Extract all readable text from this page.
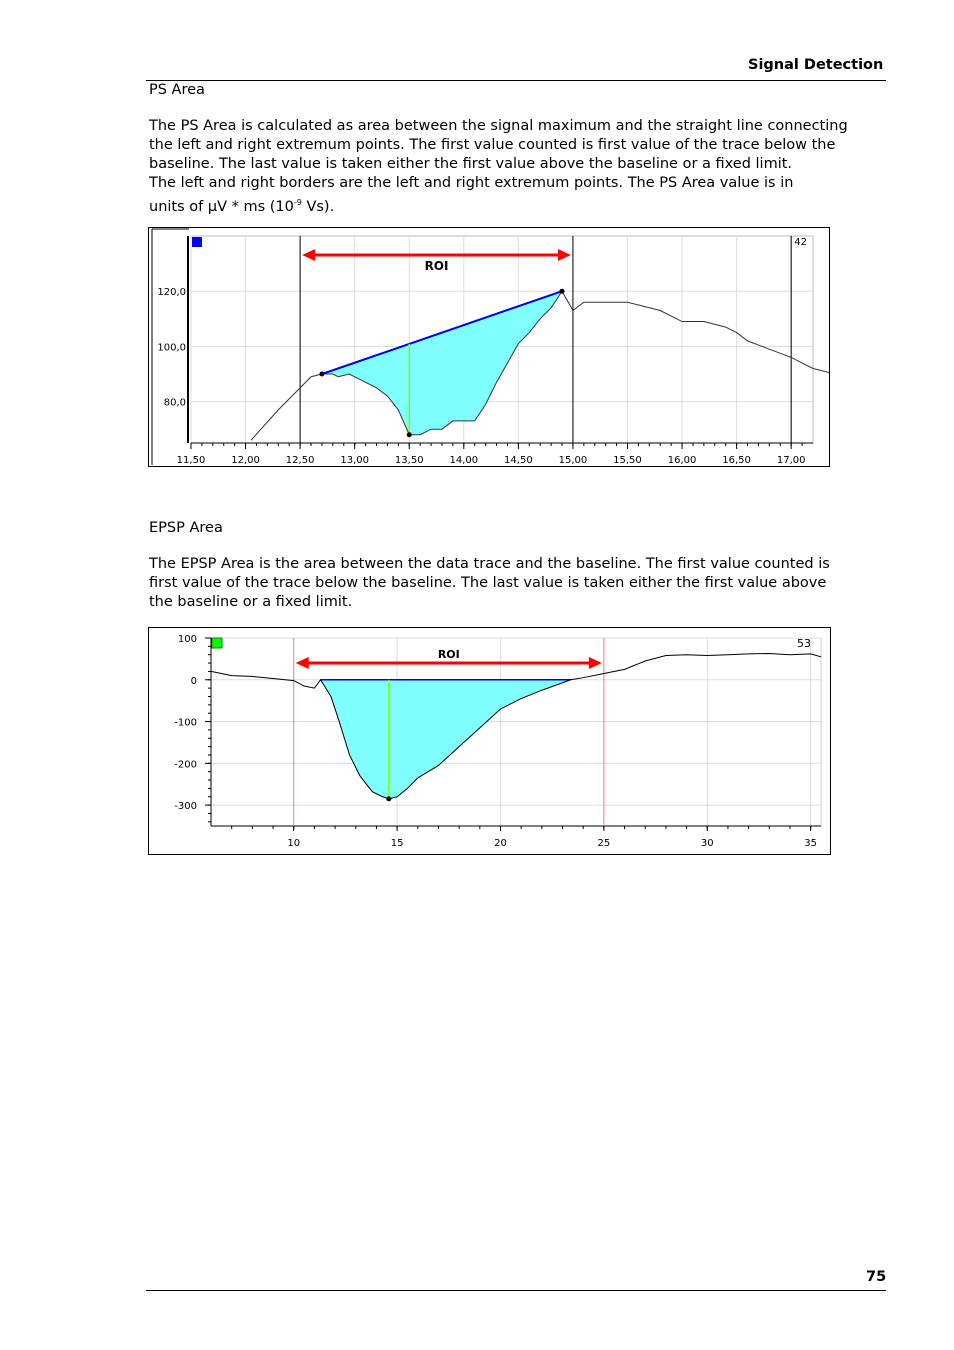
Signal Detection
PS Area
The PS Area is calculated as area between the signal maximum and the straight line connecting
the left and right extremum points. The first value counted is first value of the trace below the
baseline. The last value is taken either the first value above the baseline or a fixed limit.
The left and right borders are the left and right extremum points. The PS Area value is in
units of µV * ms ($10^{-9}$ Vs).
11,50	12,00	12,50	13,00	13,50	14,00	14,50	15,00	15,50	16,00	16,50	17,00
120,0
100,0
80,0
ROI
42
EPSP Area
The EPSP Area is the area between the data trace and the baseline. The first value counted is
first value of the trace below the baseline. The last value is taken either the first value above
the baseline or a fixed limit.
10	15	20	25	30	35
100
0
-100
-200
-300
ROI
53
75
